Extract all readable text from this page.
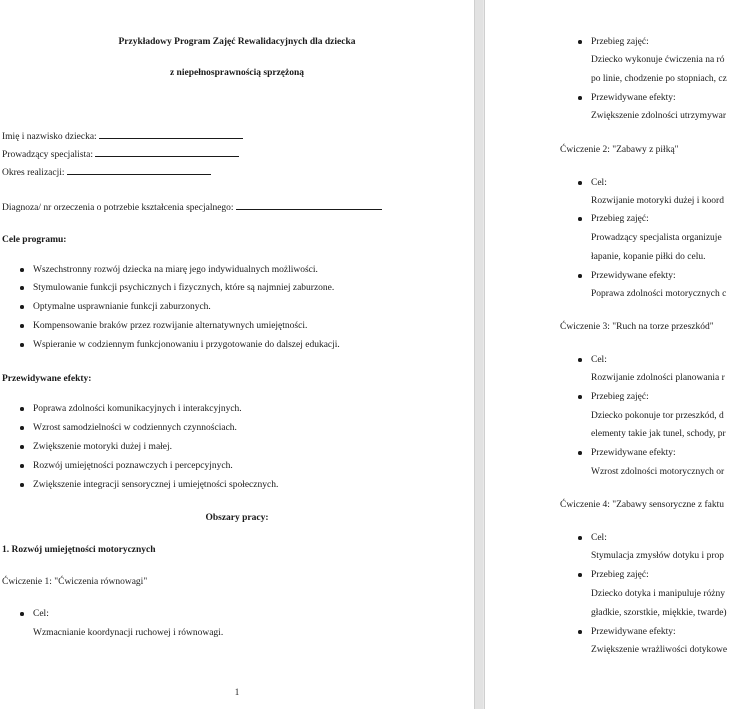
Przykładowy Program Zajęć Rewalidacyjnych dla dziecka
z niepełnosprawnością sprzężoną
Imię i nazwisko dziecka:
Prowadzący specjalista:
Okres realizacji:
Diagnoza/ nr orzeczenia o potrzebie kształcenia specjalnego:
Cele programu:
Wszechstronny rozwój dziecka na miarę jego indywidualnych możliwości.
Stymulowanie funkcji psychicznych i fizycznych, które są najmniej zaburzone.
Optymalne usprawnianie funkcji zaburzonych.
Kompensowanie braków przez rozwijanie alternatywnych umiejętności.
Wspieranie w codziennym funkcjonowaniu i przygotowanie do dalszej edukacji.
Przewidywane efekty:
Poprawa zdolności komunikacyjnych i interakcyjnych.
Wzrost samodzielności w codziennych czynnościach.
Zwiększenie motoryki dużej i małej.
Rozwój umiejętności poznawczych i percepcyjnych.
Zwiększenie integracji sensorycznej i umiejętności społecznych.
Obszary pracy:
1. Rozwój umiejętności motorycznych
Ćwiczenie 1: "Ćwiczenia równowagi"
Cel:
Wzmacnianie koordynacji ruchowej i równowagi.
1
Przebieg zajęć:
Dziecko wykonuje ćwiczenia na ró
po linie, chodzenie po stopniach, cz
Przewidywane efekty:
Zwiększenie zdolności utrzymywar
Ćwiczenie 2: "Zabawy z piłką"
Cel:
Rozwijanie motoryki dużej i koord
Przebieg zajęć:
Prowadzący specjalista organizuje
łapanie, kopanie piłki do celu.
Przewidywane efekty:
Poprawa zdolności motorycznych c
Ćwiczenie 3: "Ruch na torze przeszkód"
Cel:
Rozwijanie zdolności planowania r
Przebieg zajęć:
Dziecko pokonuje tor przeszkód, d
elementy takie jak tunel, schody, pr
Przewidywane efekty:
Wzrost zdolności motorycznych or
Ćwiczenie 4: "Zabawy sensoryczne z faktu
Cel:
Stymulacja zmysłów dotyku i prop
Przebieg zajęć:
Dziecko dotyka i manipuluje różny
gładkie, szorstkie, miękkie, twarde)
Przewidywane efekty:
Zwiększenie wrażliwości dotykowe
